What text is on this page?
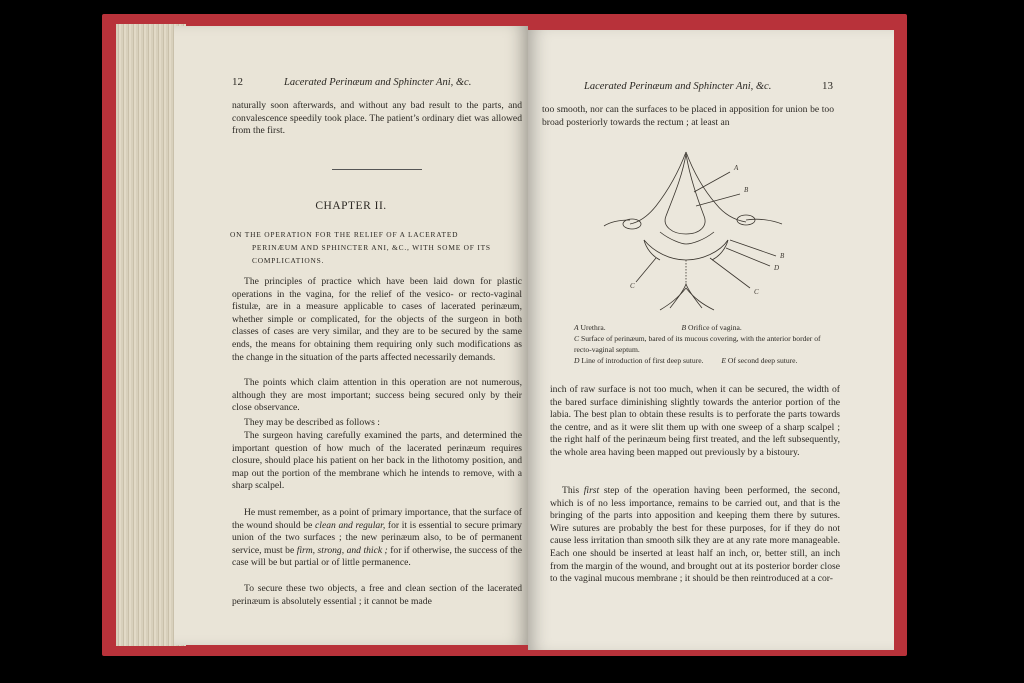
12	Lacerated Perinæum and Sphincter Ani, &c.

naturally soon afterwards, and without any bad result to the parts, and convalescence speedily took place. The patient’s ordinary diet was allowed from the first.

CHAPTER II.

ON THE OPERATION FOR THE RELIEF OF A LACERATED
PERINÆUM AND SPHINCTER ANI, &C., WITH SOME OF ITS
COMPLICATIONS.

The principles of practice which have been laid down for plastic operations in the vagina, for the relief of the vesico- or recto-vaginal fistulæ, are in a measure applicable to cases of lacerated perinæum, whether simple or complicated, for the objects of the surgeon in both classes of cases are very similar, and they are to be secured by the same ends, the means for obtaining them requiring only such modifications as the change in the situation of the parts affected necessarily demands.

The points which claim attention in this operation are not numerous, although they are most important; success being secured only by their close observance.

They may be described as follows :

The surgeon having carefully examined the parts, and determined the important question of how much of the lacerated perinæum requires closure, should place his patient on her back in the lithotomy position, and map out the portion of the membrane which he intends to remove, with a sharp scalpel.

He must remember, as a point of primary importance, that the surface of the wound should be clean and regular, for it is essential to secure primary union of the two surfaces ; the new perinæum also, to be of permanent service, must be firm, strong, and thick ; for if otherwise, the success of the case will be but partial or of little permanence.

To secure these two objects, a free and clean section of the lacerated perinæum is absolutely essential ; it cannot be made

Lacerated Perinæum and Sphincter Ani, &c.	13

too smooth, nor can the surfaces to be placed in apposition for union be too broad posteriorly towards the rectum ; at least an

A
B
B
D
C
C

A Urethra.	B Orifice of vagina.

C Surface of perinæum, bared of its mucous covering, with the anterior border of recto-vaginal septum.

D Line of introduction of first deep suture. E Of second deep suture.

inch of raw surface is not too much, when it can be secured, the width of the bared surface diminishing slightly towards the anterior portion of the labia. The best plan to obtain these results is to perforate the parts towards the centre, and as it were slit them up with one sweep of a sharp scalpel ; the right half of the perinæum being first treated, and the left subsequently, the whole area having been mapped out previously by a bistoury.

This first step of the operation having been performed, the second, which is of no less importance, remains to be carried out, and that is the bringing of the parts into apposition and keeping them there by sutures. Wire sutures are probably the best for these purposes, for if they do not cause less irritation than smooth silk they are at any rate more manageable. Each one should be inserted at least half an inch, or, better still, an inch from the margin of the wound, and brought out at its posterior border close to the vaginal mucous membrane ; it should be then reintroduced at a cor-
